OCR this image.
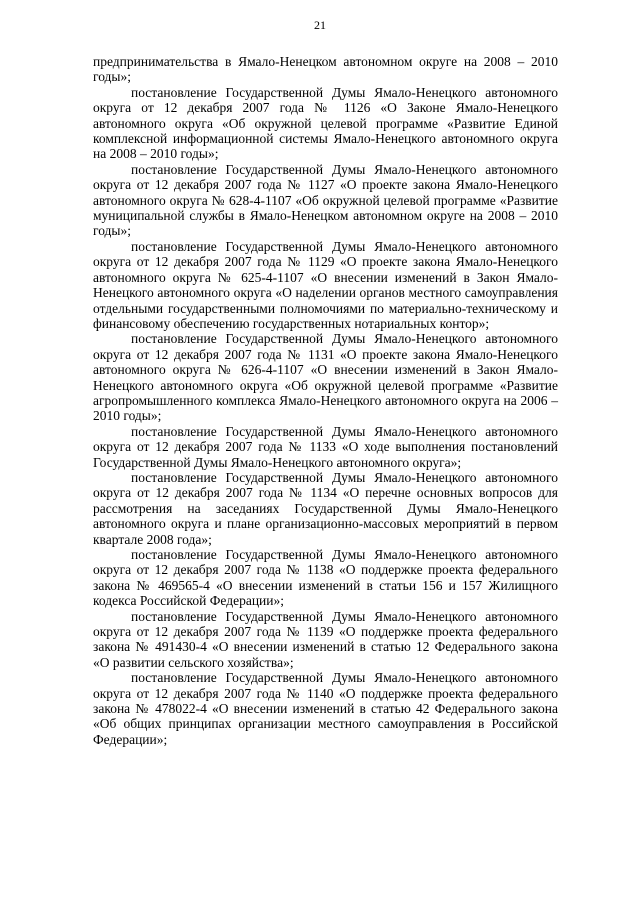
21

предпринимательства в Ямало-Ненецком автономном округе на 2008 – 2010 годы»;

постановление Государственной Думы Ямало-Ненецкого автономного округа от 12 декабря 2007 года № 1126 «О Законе Ямало-Ненецкого автономного округа «Об окружной целевой программе «Развитие Единой комплексной информационной системы Ямало-Ненецкого автономного округа на 2008 – 2010 годы»;

постановление Государственной Думы Ямало-Ненецкого автономного округа от 12 декабря 2007 года № 1127 «О проекте закона Ямало-Ненецкого автономного округа № 628-4-1107 «Об окружной целевой программе «Развитие муниципальной службы в Ямало-Ненецком автономном округе на 2008 – 2010 годы»;

постановление Государственной Думы Ямало-Ненецкого автономного округа от 12 декабря 2007 года № 1129 «О проекте закона Ямало-Ненецкого автономного округа № 625-4-1107 «О внесении изменений в Закон Ямало-Ненецкого автономного округа «О наделении органов местного самоуправления отдельными государственными полномочиями по материально-техническому и финансовому обеспечению государственных нотариальных контор»;

постановление Государственной Думы Ямало-Ненецкого автономного округа от 12 декабря 2007 года № 1131 «О проекте закона Ямало-Ненецкого автономного округа № 626-4-1107 «О внесении изменений в Закон Ямало-Ненецкого автономного округа «Об окружной целевой программе «Развитие агропромышленного комплекса Ямало-Ненецкого автономного округа на 2006 – 2010 годы»;

постановление Государственной Думы Ямало-Ненецкого автономного округа от 12 декабря 2007 года № 1133 «О ходе выполнения постановлений Государственной Думы Ямало-Ненецкого автономного округа»;

постановление Государственной Думы Ямало-Ненецкого автономного округа от 12 декабря 2007 года № 1134 «О перечне основных вопросов для рассмотрения на заседаниях Государственной Думы Ямало-Ненецкого автономного округа и плане организационно-массовых мероприятий в первом квартале 2008 года»;

постановление Государственной Думы Ямало-Ненецкого автономного округа от 12 декабря 2007 года № 1138 «О поддержке проекта федерального закона № 469565-4 «О внесении изменений в статьи 156 и 157 Жилищного кодекса Российской Федерации»;

постановление Государственной Думы Ямало-Ненецкого автономного округа от 12 декабря 2007 года № 1139 «О поддержке проекта федерального закона № 491430-4 «О внесении изменений в статью 12 Федерального закона «О развитии сельского хозяйства»;

постановление Государственной Думы Ямало-Ненецкого автономного округа от 12 декабря 2007 года № 1140 «О поддержке проекта федерального закона № 478022-4 «О внесении изменений в статью 42 Федерального закона «Об общих принципах организации местного самоуправления в Российской Федерации»;
